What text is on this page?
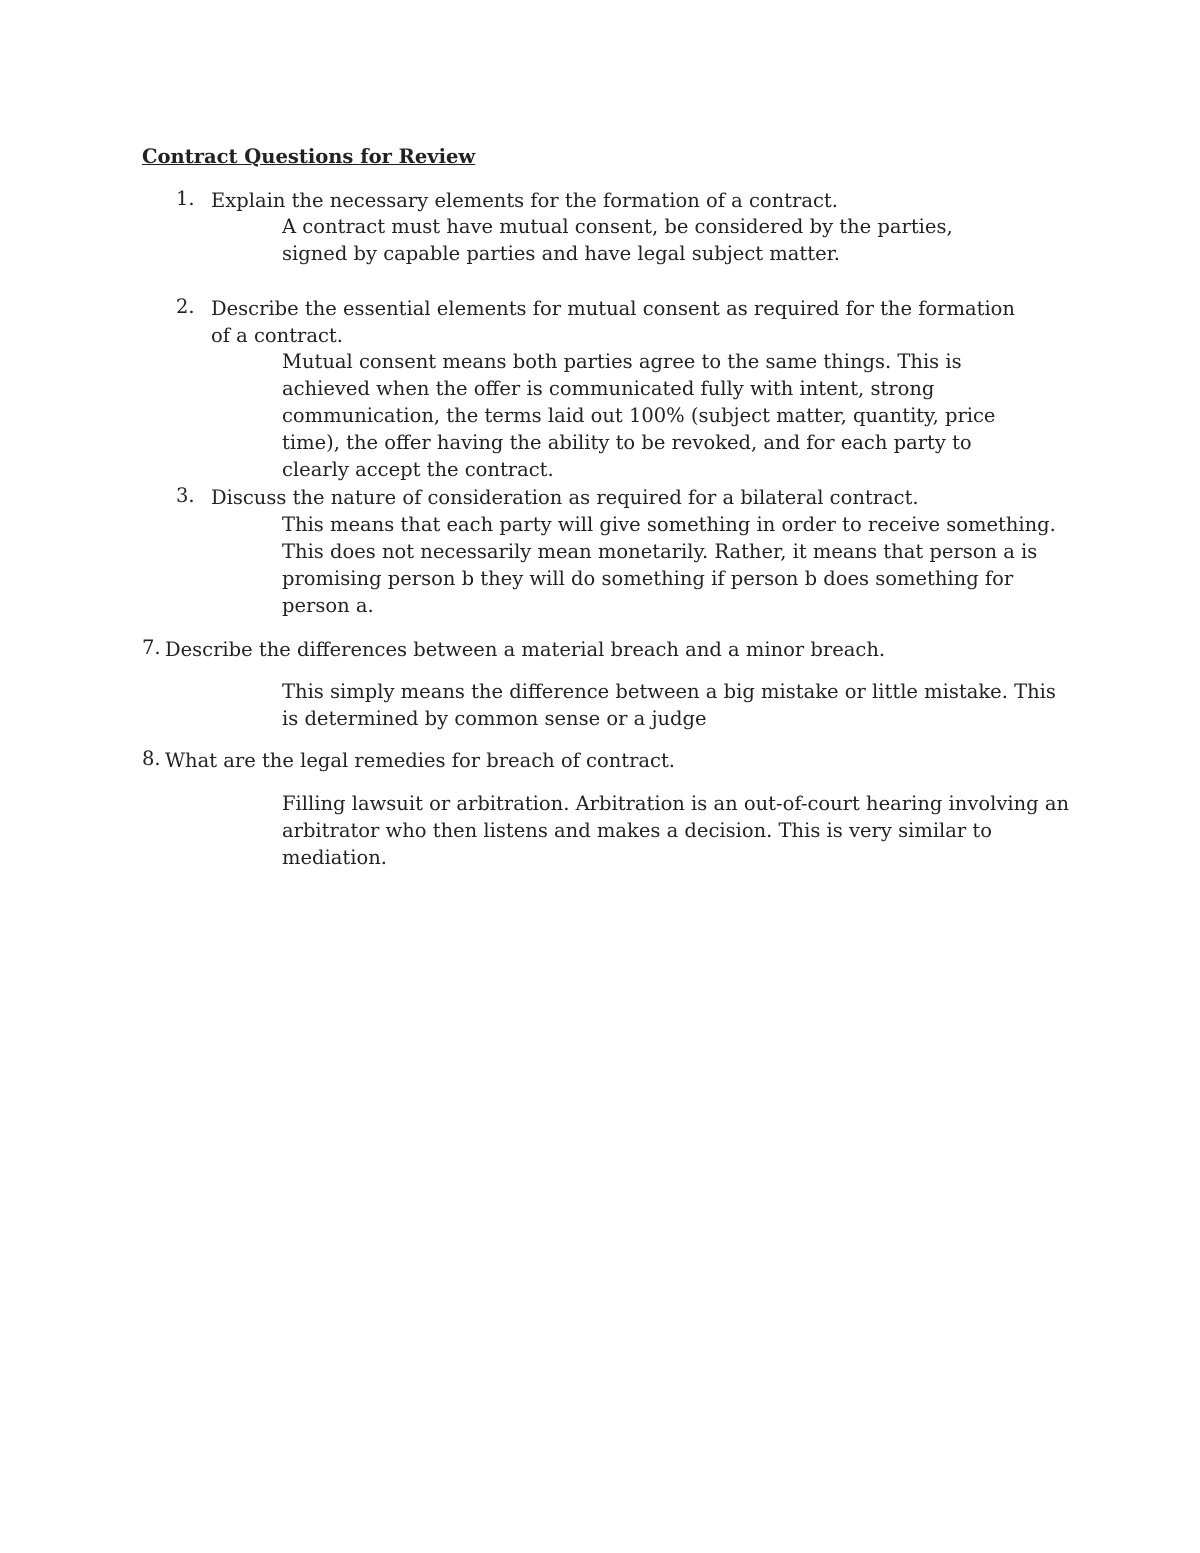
Contract Questions for Review
1. Explain the necessary elements for the formation of a contract.
A contract must have mutual consent, be considered by the parties, signed by capable parties and have legal subject matter.
2. Describe the essential elements for mutual consent as required for the formation of a contract.
Mutual consent means both parties agree to the same things. This is achieved when the offer is communicated fully with intent, strong communication, the terms laid out 100% (subject matter, quantity, price time), the offer having the ability to be revoked, and for each party to clearly accept the contract.
3. Discuss the nature of consideration as required for a bilateral contract.
This means that each party will give something in order to receive something. This does not necessarily mean monetarily. Rather, it means that person a is promising person b they will do something if person b does something for person a.
7. Describe the differences between a material breach and a minor breach.
This simply means the difference between a big mistake or little mistake. This is determined by common sense or a judge
8. What are the legal remedies for breach of contract.
Filling lawsuit or arbitration. Arbitration is an out-of-court hearing involving an arbitrator who then listens and makes a decision. This is very similar to mediation.
